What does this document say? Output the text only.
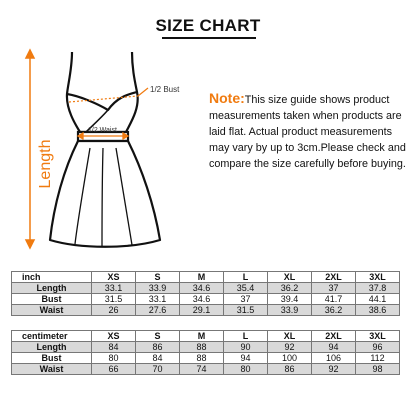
SIZE CHART
Length
1/2 Bust
1/2 Waist
Note:This size guide shows product measurements taken when products are laid flat. Actual product measurements may vary by up to 3cm.Please check and compare the size carefully before buying.
inch	XS	S	M	L	XL	2XL	3XL
Length	33.1	33.9	34.6	35.4	36.2	37	37.8
Bust	31.5	33.1	34.6	37	39.4	41.7	44.1
Waist	26	27.6	29.1	31.5	33.9	36.2	38.6
centimeter	XS	S	M	L	XL	2XL	3XL
Length	84	86	88	90	92	94	96
Bust	80	84	88	94	100	106	112
Waist	66	70	74	80	86	92	98
